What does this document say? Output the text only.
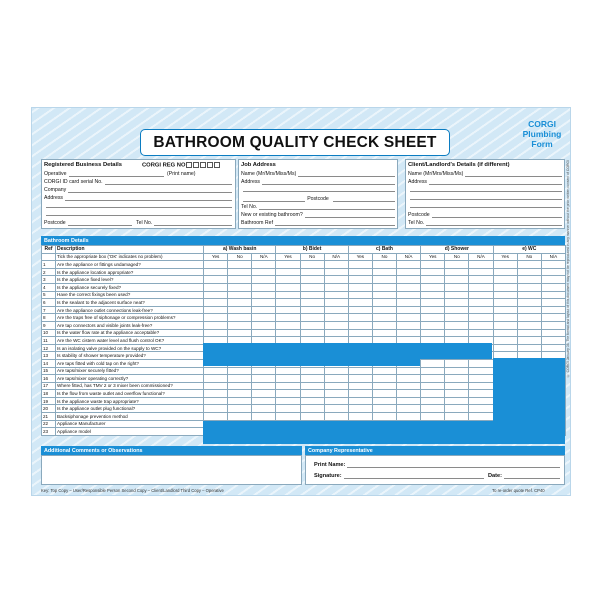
BATHROOM QUALITY CHECK SHEET
CORGI
Plumbing
Form
Registered Business Details	CORGI REG NO
Operative	(Print name)
CORGI ID card serial No.
Company
Address
Postcode	Tel No.
Job Address
Name (Mr/Mrs/Miss/Ms)
Address
Postcode
Tel No.
New or existing bathroom?
Bathroom Ref
Client/Landlord's Details (if different)
Name (Mr/Mrs/Miss/Ms)
Address
Postcode
Tel No.
Bathroom Details
Ref	Description	a) Wash basin			b) Bidet			c) Bath			d) Shower			e) WC		
	Tick the appropriate box ('OK' indicates no problem)	Yes	No	N/A	Yes	No	N/A	Yes	No	N/A	Yes	No	N/A	Yes	No	N/A
1	Are the appliance or fittings undamaged?															
2	Is the appliance location appropriate?															
3	Is the appliance fixed level?															
4	Is the appliance securely fixed?															
5	Have the correct fixings been used?															
6	Is the sealant to the adjacent surface neat?															
7	Are the appliance outlet connections leak-free?															
8	Are the traps free of siphonage or compression problems?															
9	Are tap connectors and visible joints leak-free?															
10	Is the water flow rate at the appliance acceptable?															
11	Are the WC cistern water level and flush control OK?															
12	Is an isolating valve provided on the supply to WC?															
13	Is stability of shower temperature provided?															
14	Are taps fitted with cold tap on the right?															
15	Are taps/mixer securely fitted?															
16	Are taps/mixer operating correctly?															
17	Where fitted, has TMV 2 or 3 mixer been commissioned?															
18	Is the flow from waste outlet and overflow functional?															
19	Is the appliance waste trap appropriate?															
20	Is the appliance outlet plug functional?															
21	Backsiphonage prevention method															
22	Appliance Manufacturer															
23	Appliance model															
Additional Comments or Observations	Company Representative
Print Name:
Signature:	Date:
Key: Top Copy – User/Responsible Person Second Copy – Client/Landlord Third Copy – Operative	To re-order quote Ref. CP40
© CORGI January 08. The format and layout of this document may not be reproduced in any manner without the prior written consent of CORGI
